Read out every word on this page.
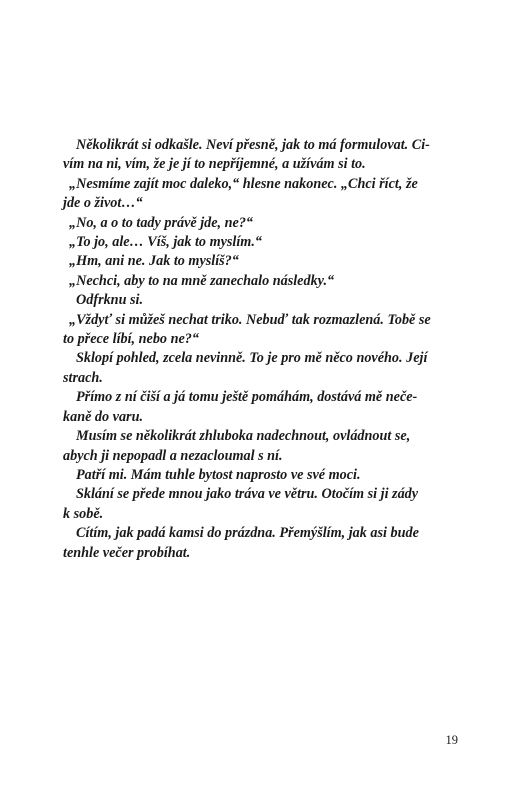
Několikrát si odkašle. Neví přesně, jak to má formulovat. Ci-
vím na ni, vím, že je jí to nepříjemné, a užívám si to.

„Nesmíme zajít moc daleko,“ hlesne nakonec. „Chci říct, že
jde o život…“

„No, a o to tady právě jde, ne?“

„To jo, ale… Víš, jak to myslím.“

„Hm, ani ne. Jak to myslíš?“

„Nechci, aby to na mně zanechalo následky.“

Odfrknu si.

„Vždyť si můžeš nechat triko. Nebuď tak rozmazlená. Tobě se
to přece líbí, nebo ne?“

Sklopí pohled, zcela nevinně. To je pro mě něco nového. Její
strach.

Přímo z ní čiší a já tomu ještě pomáhám, dostává mě neče-
kaně do varu.

Musím se několikrát zhluboka nadechnout, ovládnout se,
abych ji nepopadl a nezacloumal s ní.

Patří mi. Mám tuhle bytost naprosto ve své moci.

Sklání se přede mnou jako tráva ve větru. Otočím si ji zády
k sobě.

Cítím, jak padá kamsi do prázdna. Přemýšlím, jak asi bude
tenhle večer probíhat.

19
